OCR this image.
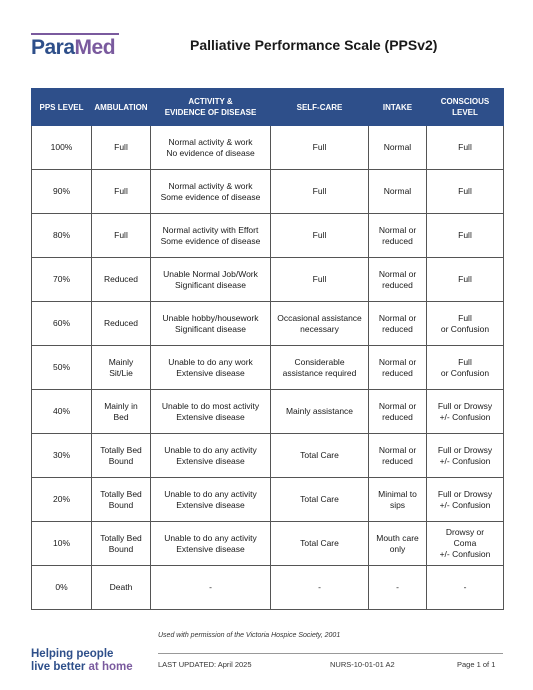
ParaMed	Palliative Performance Scale (PPSv2)
PPS LEVEL	AMBULATION	ACTIVITY &
EVIDENCE OF DISEASE	SELF-CARE	INTAKE	CONSCIOUS
LEVEL
100%	Full	Normal activity & work
No evidence of disease	Full	Normal	Full
90%	Full	Normal activity & work
Some evidence of disease	Full	Normal	Full
80%	Full	Normal activity with Effort
Some evidence of disease	Full	Normal or
reduced	Full
70%	Reduced	Unable Normal Job/Work
Significant disease	Full	Normal or
reduced	Full
60%	Reduced	Unable hobby/housework
Significant disease	Occasional assistance
necessary	Normal or
reduced	Full
or Confusion
50%	Mainly
Sit/Lie	Unable to do any work
Extensive disease	Considerable
assistance required	Normal or
reduced	Full
or Confusion
40%	Mainly in
Bed	Unable to do most activity
Extensive disease	Mainly assistance	Normal or
reduced	Full or Drowsy
+/- Confusion
30%	Totally Bed
Bound	Unable to do any activity
Extensive disease	Total Care	Normal or
reduced	Full or Drowsy
+/- Confusion
20%	Totally Bed
Bound	Unable to do any activity
Extensive disease	Total Care	Minimal to
sips	Full or Drowsy
+/- Confusion
10%	Totally Bed
Bound	Unable to do any activity
Extensive disease	Total Care	Mouth care
only	Drowsy or
Coma
+/- Confusion
0%	Death	-	-	-	-
Used with permission of the Victoria Hospice Society, 2001
Helping people
live better at home	LAST UPDATED: April 2025	NURS-10-01-01 A2	Page 1 of 1
